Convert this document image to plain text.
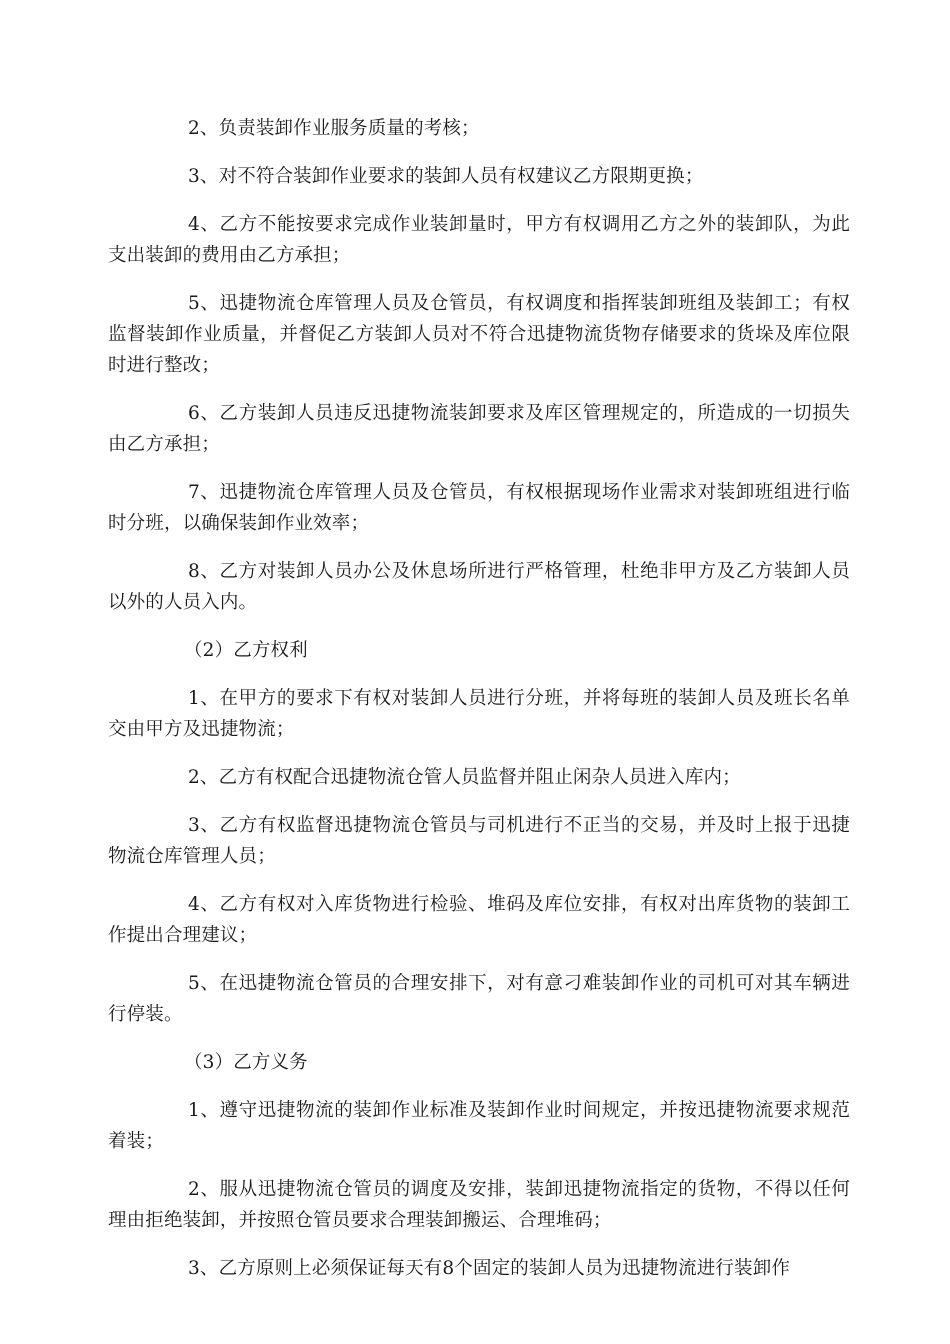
2、负责装卸作业服务质量的考核；

3、对不符合装卸作业要求的装卸人员有权建议乙方限期更换；

4、乙方不能按要求完成作业装卸量时，甲方有权调用乙方之外的装卸队，为此支出装卸的费用由乙方承担；

5、迅捷物流仓库管理人员及仓管员，有权调度和指挥装卸班组及装卸工；有权监督装卸作业质量，并督促乙方装卸人员对不符合迅捷物流货物存储要求的货垛及库位限时进行整改；

6、乙方装卸人员违反迅捷物流装卸要求及库区管理规定的，所造成的一切损失由乙方承担；

7、迅捷物流仓库管理人员及仓管员，有权根据现场作业需求对装卸班组进行临时分班，以确保装卸作业效率；

8、乙方对装卸人员办公及休息场所进行严格管理，杜绝非甲方及乙方装卸人员以外的人员入内。

（2）乙方权利

1、在甲方的要求下有权对装卸人员进行分班，并将每班的装卸人员及班长名单交由甲方及迅捷物流；

2、乙方有权配合迅捷物流仓管人员监督并阻止闲杂人员进入库内；

3、乙方有权监督迅捷物流仓管员与司机进行不正当的交易，并及时上报于迅捷物流仓库管理人员；

4、乙方有权对入库货物进行检验、堆码及库位安排，有权对出库货物的装卸工作提出合理建议；

5、在迅捷物流仓管员的合理安排下，对有意刁难装卸作业的司机可对其车辆进行停装。

（3）乙方义务

1、遵守迅捷物流的装卸作业标准及装卸作业时间规定，并按迅捷物流要求规范着装；

2、服从迅捷物流仓管员的调度及安排，装卸迅捷物流指定的货物，不得以任何理由拒绝装卸，并按照仓管员要求合理装卸搬运、合理堆码；

3、乙方原则上必须保证每天有8个固定的装卸人员为迅捷物流进行装卸作
